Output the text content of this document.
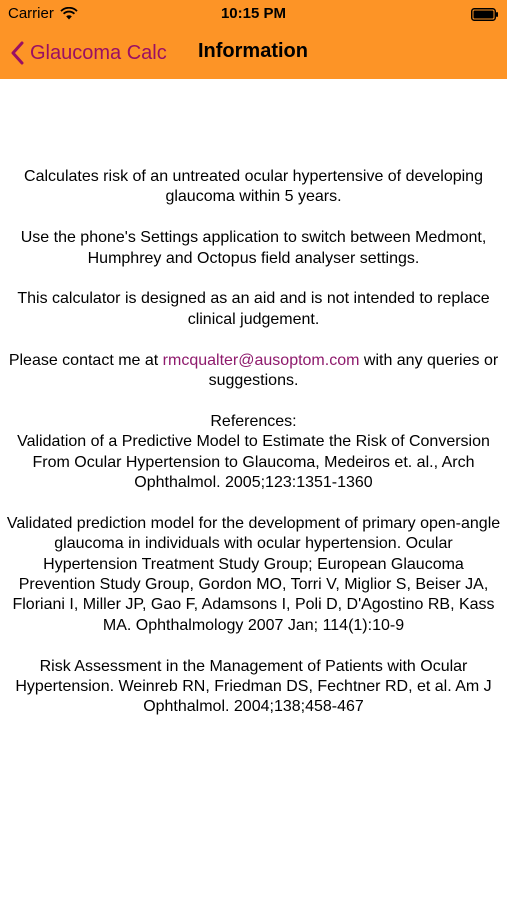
Carrier	10:15 PM
Glaucoma Calc Information

Calculates risk of an untreated ocular hypertensive of developing glaucoma within 5 years.

Use the phone's Settings application to switch between Medmont, Humphrey and Octopus field analyser settings.

This calculator is designed as an aid and is not intended to replace clinical judgement.

Please contact me at rmcqualter@ausoptom.com with any queries or suggestions.

References:
Validation of a Predictive Model to Estimate the Risk of Conversion From Ocular Hypertension to Glaucoma, Medeiros et. al., Arch Ophthalmol. 2005;123:1351-1360

Validated prediction model for the development of primary open-angle glaucoma in individuals with ocular hypertension. Ocular Hypertension Treatment Study Group; European Glaucoma Prevention Study Group, Gordon MO, Torri V, Miglior S, Beiser JA, Floriani I, Miller JP, Gao F, Adamsons I, Poli D, D'Agostino RB, Kass MA. Ophthalmology 2007 Jan; 114(1):10-9

Risk Assessment in the Management of Patients with Ocular Hypertension. Weinreb RN, Friedman DS, Fechtner RD, et al. Am J Ophthalmol. 2004;138;458-467
